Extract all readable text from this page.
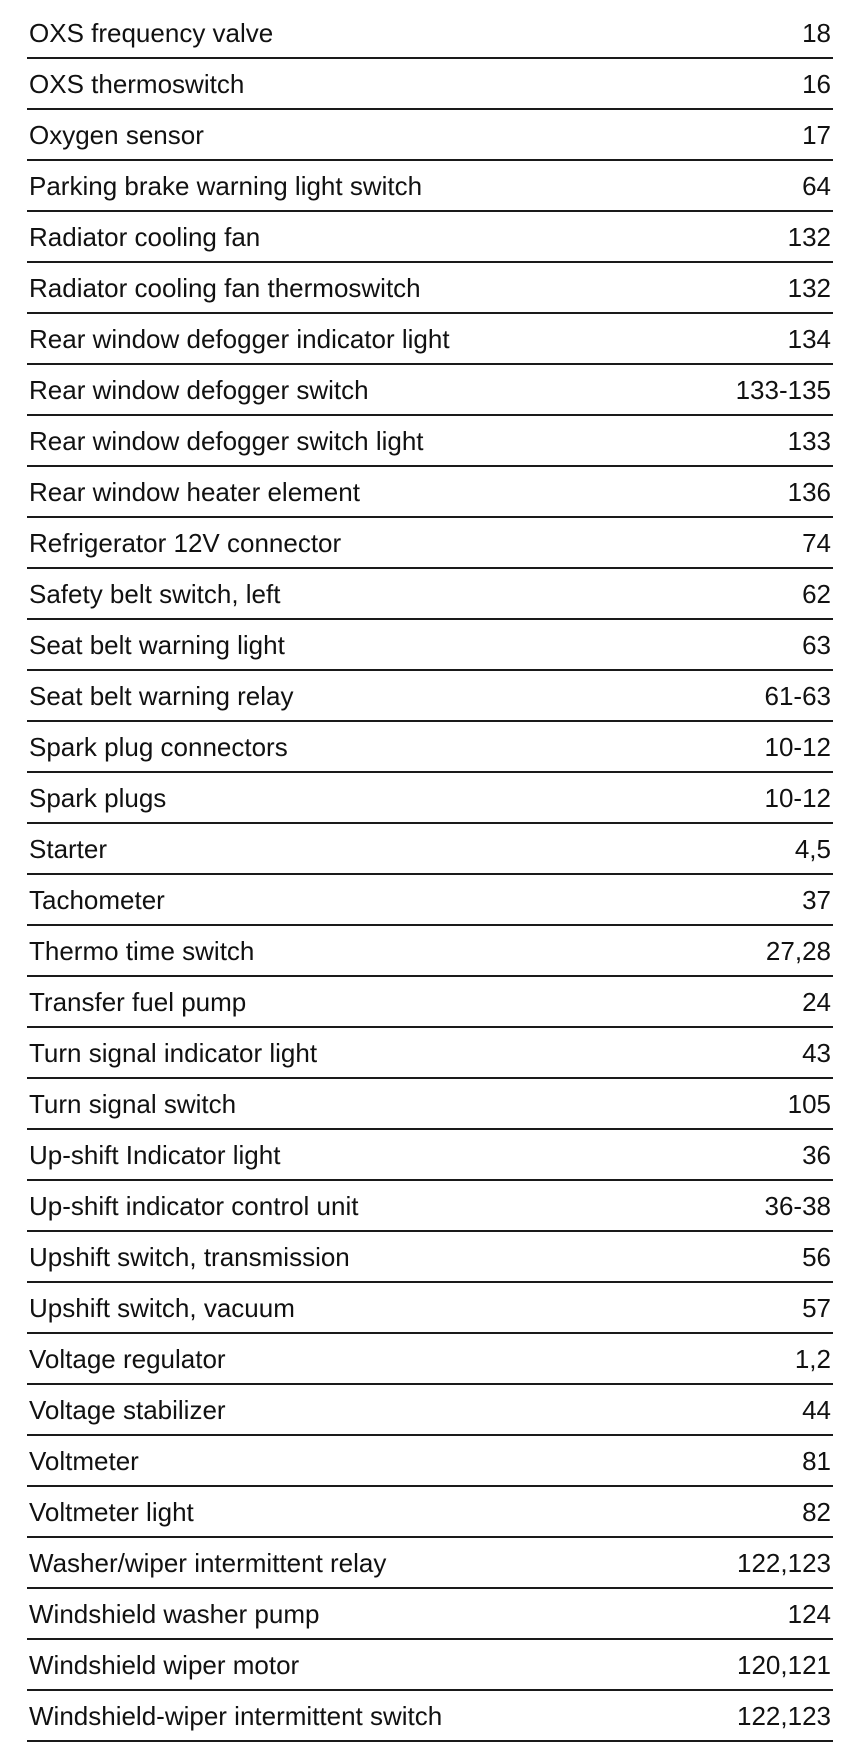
OXS frequency valve	18
OXS thermoswitch	16
Oxygen sensor	17
Parking brake warning light switch	64
Radiator cooling fan	132
Radiator cooling fan thermoswitch	132
Rear window defogger indicator light	134
Rear window defogger switch	133-135
Rear window defogger switch light	133
Rear window heater element	136
Refrigerator 12V connector	74
Safety belt switch, left	62
Seat belt warning light	63
Seat belt warning relay	61-63
Spark plug connectors	10-12
Spark plugs	10-12
Starter	4,5
Tachometer	37
Thermo time switch	27,28
Transfer fuel pump	24
Turn signal indicator light	43
Turn signal switch	105
Up-shift Indicator light	36
Up-shift indicator control unit	36-38
Upshift switch, transmission	56
Upshift switch, vacuum	57
Voltage regulator	1,2
Voltage stabilizer	44
Voltmeter	81
Voltmeter light	82
Washer/wiper intermittent relay	122,123
Windshield washer pump	124
Windshield wiper motor	120,121
Windshield-wiper intermittent switch	122,123
